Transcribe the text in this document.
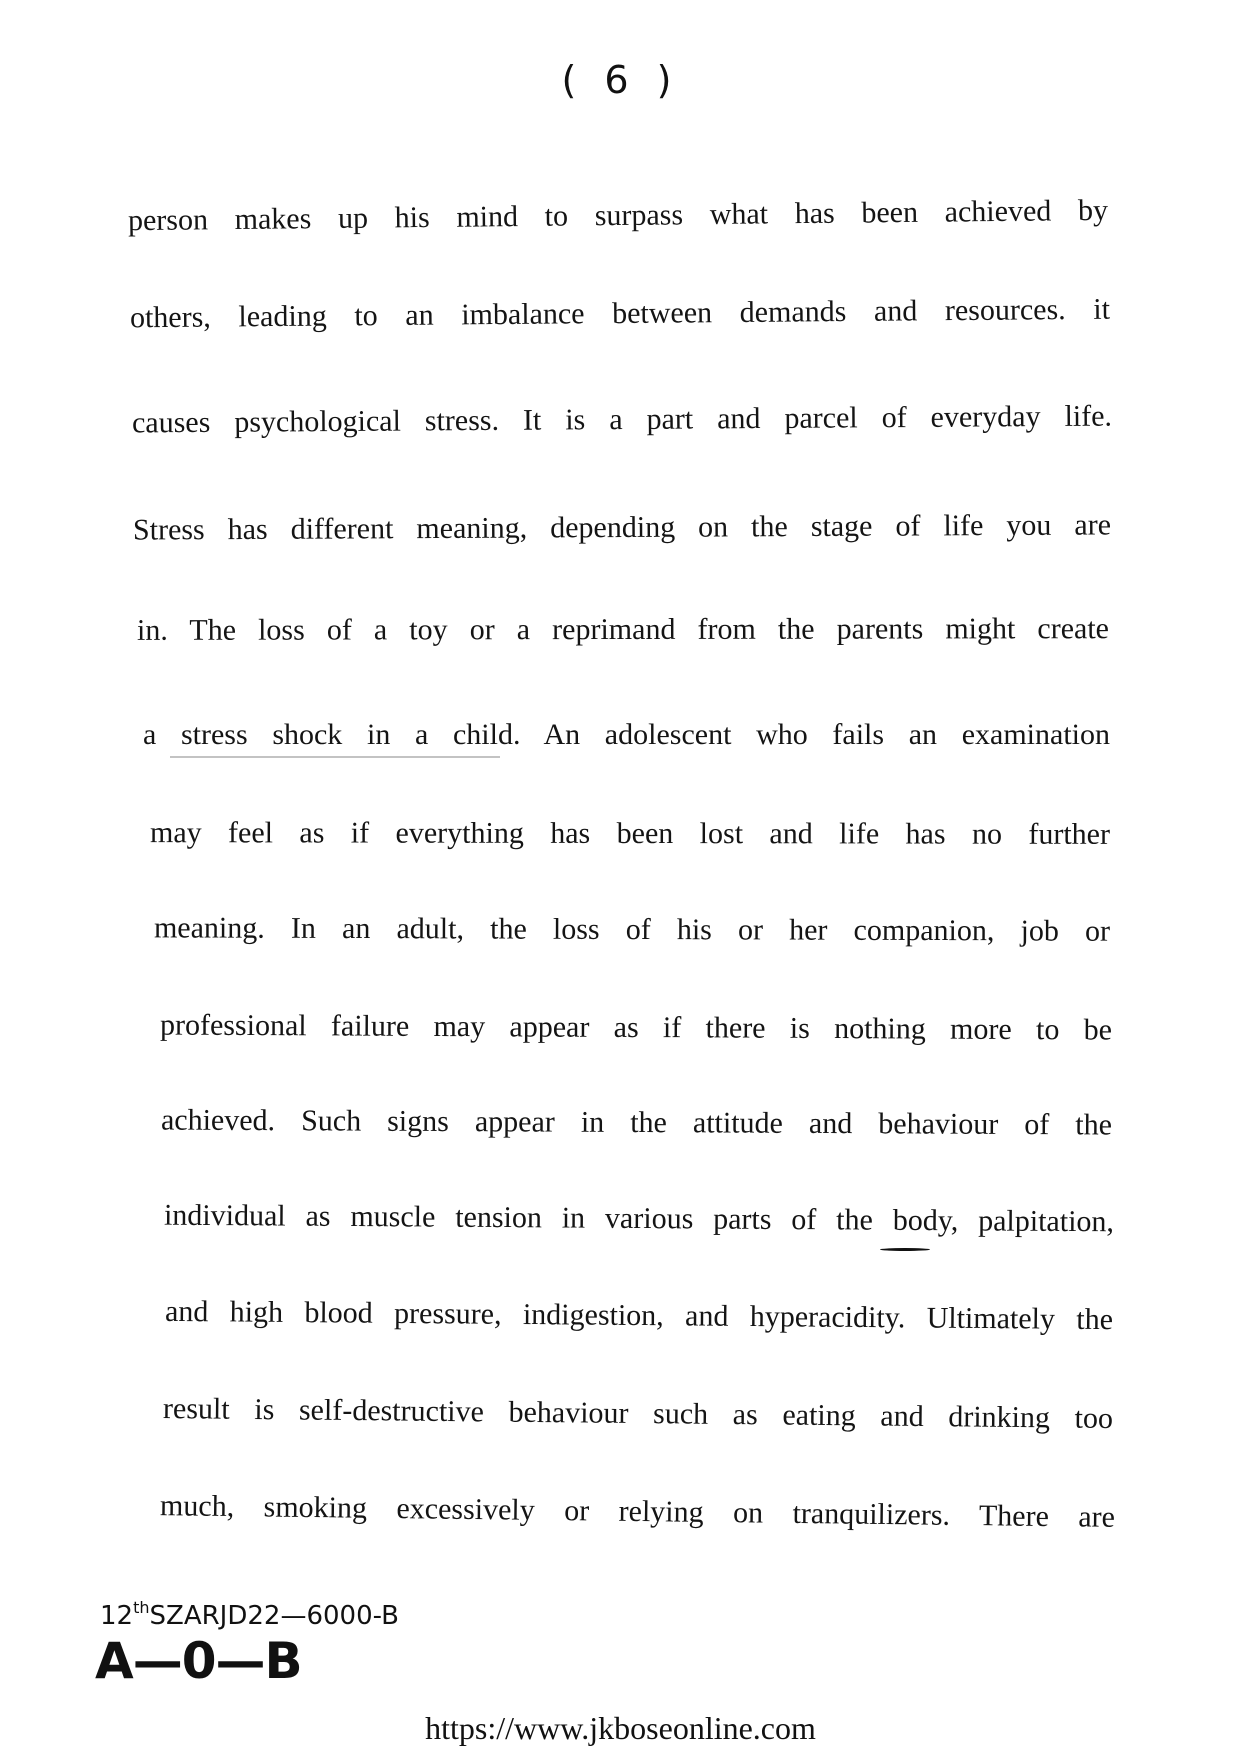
( 6 )
person makes up his mind to surpass what has been achieved by
others, leading to an imbalance between demands and resources. it
causes psychological stress. It is a part and parcel of everyday life.
Stress has different meaning, depending on the stage of life you are
in. The loss of a toy or a reprimand from the parents might create
a stress shock in a child. An adolescent who fails an examination
may feel as if everything has been lost and life has no further
meaning. In an adult, the loss of his or her companion, job or
professional failure may appear as if there is nothing more to be
achieved. Such signs appear in the attitude and behaviour of the
individual as muscle tension in various parts of the body, palpitation,
and high blood pressure, indigestion, and hyperacidity. Ultimately the
result is self-destructive behaviour such as eating and drinking too
much, smoking excessively or relying on tranquilizers. There are
12thSZARJD22—6000-B
A—0—B
https://www.jkboseonline.com
